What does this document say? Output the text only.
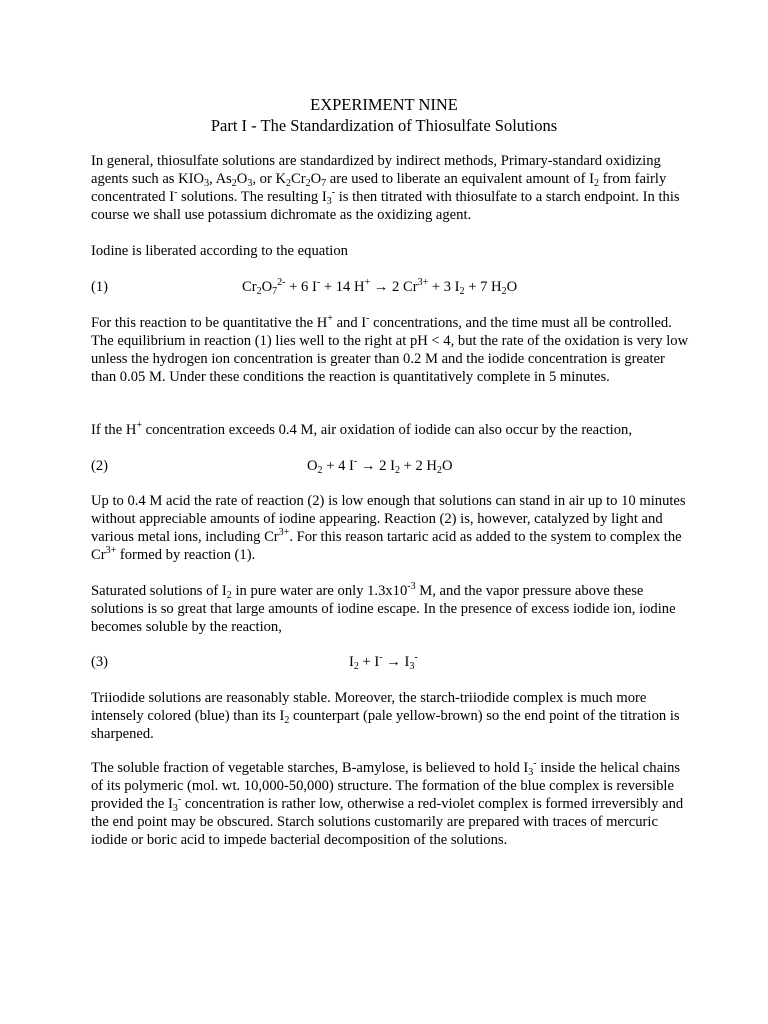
EXPERIMENT NINE
Part I - The Standardization of Thiosulfate Solutions

In general, thiosulfate solutions are standardized by indirect methods, Primary-standard oxidizing agents such as $KIO_3$, $As_2O_3$, or $K_2Cr_2O_7$ are used to liberate an equivalent amount of $I_2$ from fairly concentrated I- solutions. The resulting $I_3^-$ is then titrated with thiosulfate to a starch endpoint. In this course we shall use potassium dichromate as the oxidizing agent.

Iodine is liberated according to the equation

(1)	$Cr_2O_7^{2-} + 6$ I- + 14 H+ → 2 $Cr^{3+} + 3$ $I_2 + 7$ $H_2O$

For this reaction to be quantitative the H+ and I- concentrations, and the time must all be controlled. The equilibrium in reaction (1) lies well to the right at pH < 4, but the rate of the oxidation is very low unless the hydrogen ion concentration is greater than 0.2 M and the iodide concentration is greater than 0.05 M. Under these conditions the reaction is quantitatively complete in 5 minutes.

If the H+ concentration exceeds 0.4 M, air oxidation of iodide can also occur by the reaction,

(2)	$O_2 + 4$ I- → 2 $I_2 + 2$ $H_2O$

Up to 0.4 M acid the rate of reaction (2) is low enough that solutions can stand in air up to 10 minutes without appreciable amounts of iodine appearing. Reaction (2) is, however, catalyzed by light and various metal ions, including $Cr^{3+}$. For this reason tartaric acid as added to the system to complex the $Cr^{3+}$ formed by reaction (1).

Saturated solutions of $I_2$ in pure water are only $1.3x10^{-3}$ M, and the vapor pressure above these solutions is so great that large amounts of iodine escape. In the presence of excess iodide ion, iodine becomes soluble by the reaction,

(3)	$I_2 + I^- \to I_3^-$

Triiodide solutions are reasonably stable. Moreover, the starch-triiodide complex is much more intensely colored (blue) than its $I_2$ counterpart (pale yellow-brown) so the end point of the titration is sharpened.

The soluble fraction of vegetable starches, B-amylose, is believed to hold $I_3^-$ inside the helical chains of its polymeric (mol. wt. 10,000-50,000) structure. The formation of the blue complex is reversible provided the $I_3^-$ concentration is rather low, otherwise a red-violet complex is formed irreversibly and the end point may be obscured. Starch solutions customarily are prepared with traces of mercuric iodide or boric acid to impede bacterial decomposition of the solutions.
